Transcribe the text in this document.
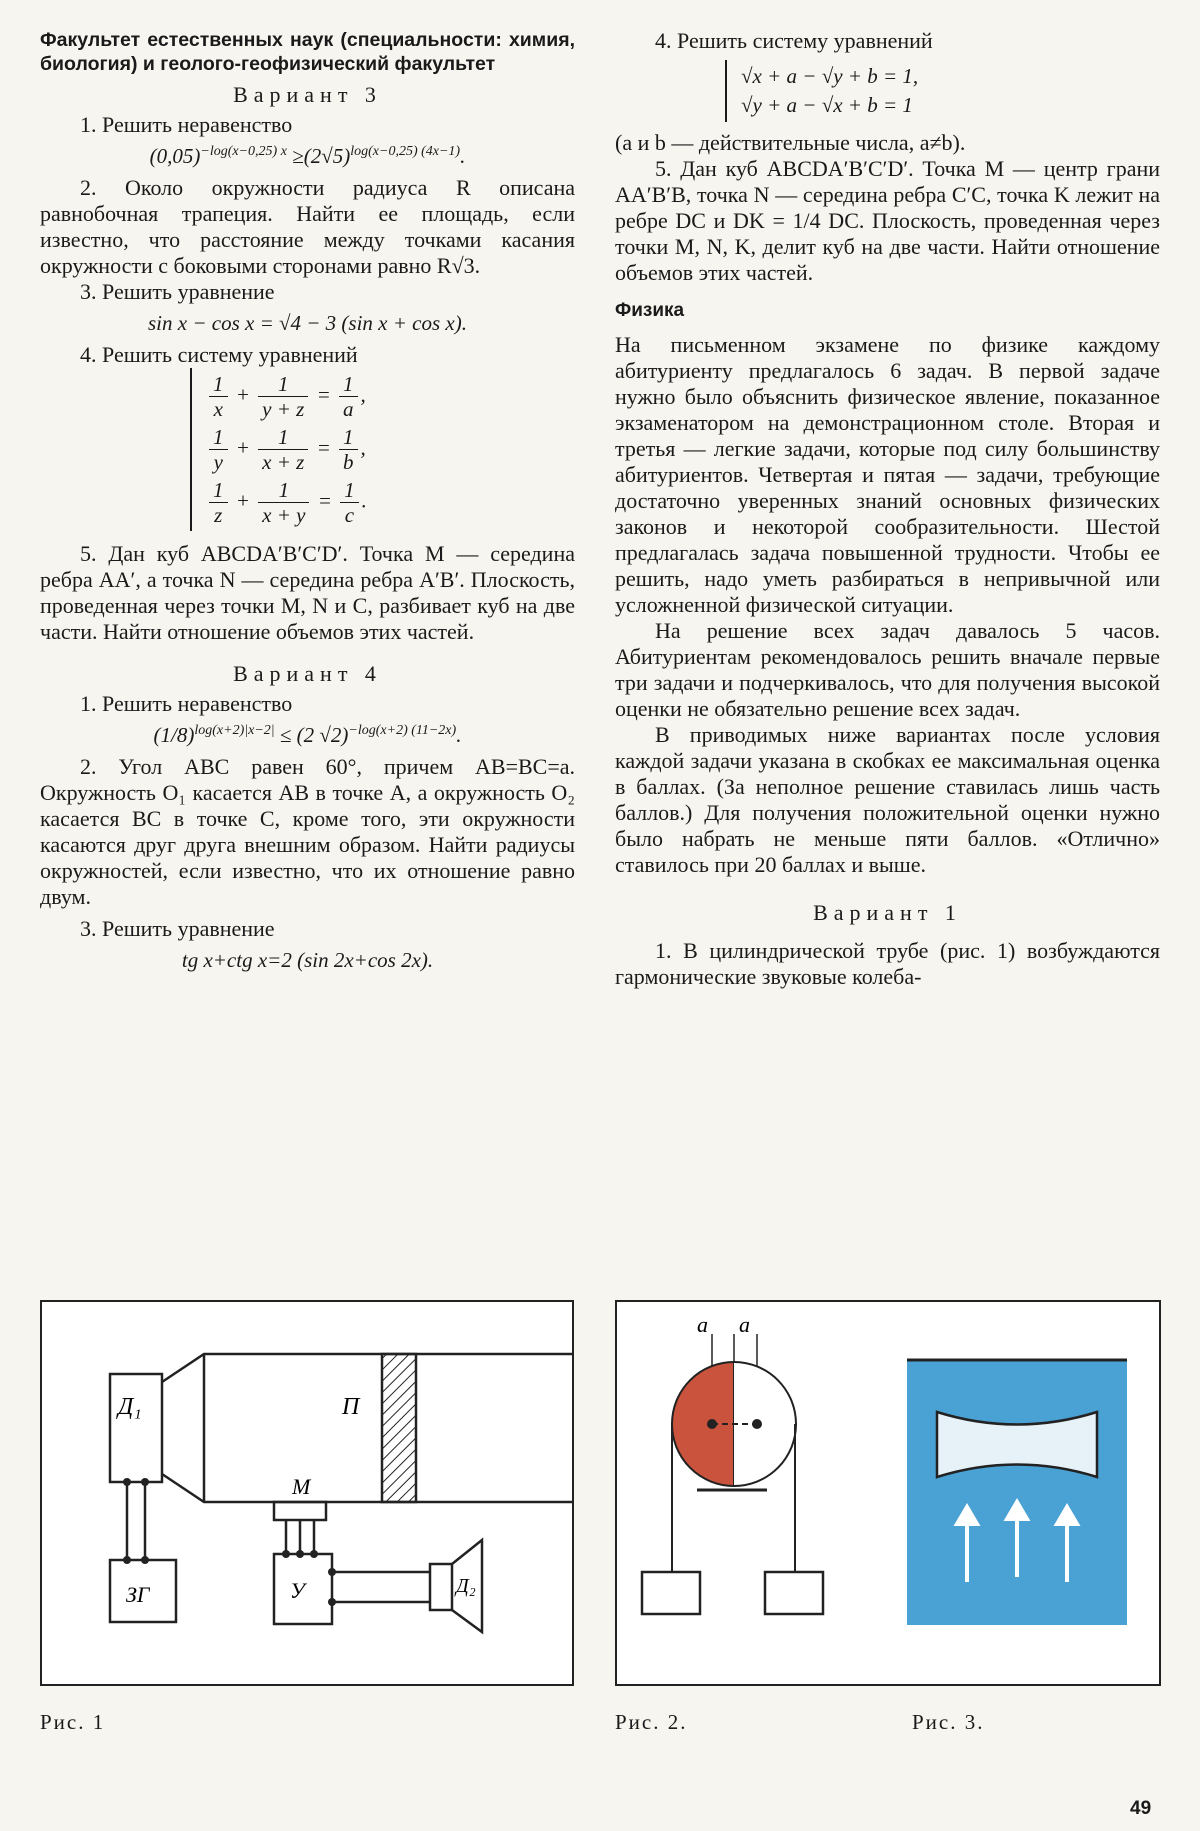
Факультет естественных наук (специальности: химия, биология) и геолого-геофизический факультет

Вариант 3

1. Решить неравенство

$(0,05)^{-log(x-0,25) x} \ge(2√5)^{log(x-0,25) (4x-1)}$.

2. Около окружности радиуса R описана равнобочная трапеция. Найти ее площадь, если известно, что расстояние между точками касания окружности с боковыми сторонами равно R√3.

3. Решить уравнение

sin x − cos x = √4 − 3 (sin x + cos x).

4. Решить систему уравнений

$\frac{1}{x} + \frac{1}{y + z} = \frac{1}{a}$ ,
$\frac{1}{y} + \frac{1}{x + z} = \frac{1}{b}$ ,
$\frac{1}{z} + \frac{1}{x + y} = \frac{1}{c}$ .

5. Дан куб ABCDA′B′C′D′. Точка M — середина ребра AA′, а точка N — середина ребра A′B′. Плоскость, проведенная через точки M, N и C, разбивает куб на две части. Найти отношение объемов этих частей.

Вариант 4

1. Решить неравенство

$(1/8)^{log(x+2)|x-2|} \le (2$ √2)$^{-log(x+2) (11-2x)}$.

2. Угол ABC равен 60°, причем AB=BC=a. Окружность O₁ касается AB в точке A, а окружность O₂ касается BC в точке C, кроме того, эти окружности касаются друг друга внешним образом. Найти радиусы окружностей, если известно, что их отношение равно двум.

3. Решить уравнение

tg x+ctg x=2 (sin 2x+cos 2x).

4. Решить систему уравнений

√x + a − √y + b = 1,
√y + a − √x + b = 1

(a и b — действительные числа, a≠b).

5. Дан куб ABCDA′B′C′D′. Точка M — центр грани AA′B′B, точка N — середина ребра C′C, точка K лежит на ребре DC и DK = 1/4 DC. Плоскость, проведенная через точки M, N, K, делит куб на две части. Найти отношение объемов этих частей.

Физика

На письменном экзамене по физике каждому абитуриенту предлагалось 6 задач. В первой задаче нужно было объяснить физическое явление, показанное экзаменатором на демонстрационном столе. Вторая и третья — легкие задачи, которые под силу большинству абитуриентов. Четвертая и пятая — задачи, требующие достаточно уверенных знаний основных физических законов и некоторой сообразительности. Шестой предлагалась задача повышенной трудности. Чтобы ее решить, надо уметь разбираться в непривычной или усложненной физической ситуации.

На решение всех задач давалось 5 часов. Абитуриентам рекомендовалось решить вначале первые три задачи и подчеркивалось, что для получения высокой оценки не обязательно решение всех задач.

В приводимых ниже вариантах после условия каждой задачи указана в скобках ее максимальная оценка в баллах. (За неполное решение ставилась лишь часть баллов.) Для получения положительной оценки нужно было набрать не меньше пяти баллов. «Отлично» ставилось при 20 баллах и выше.

Вариант 1

1. В цилиндрической трубе (рис. 1) возбуждаются гармонические звуковые колеба-

Д₁	П
М
ЗГ	У	Д₂
a a
Рис. 1	Рис. 2.	Рис. 3.
49
